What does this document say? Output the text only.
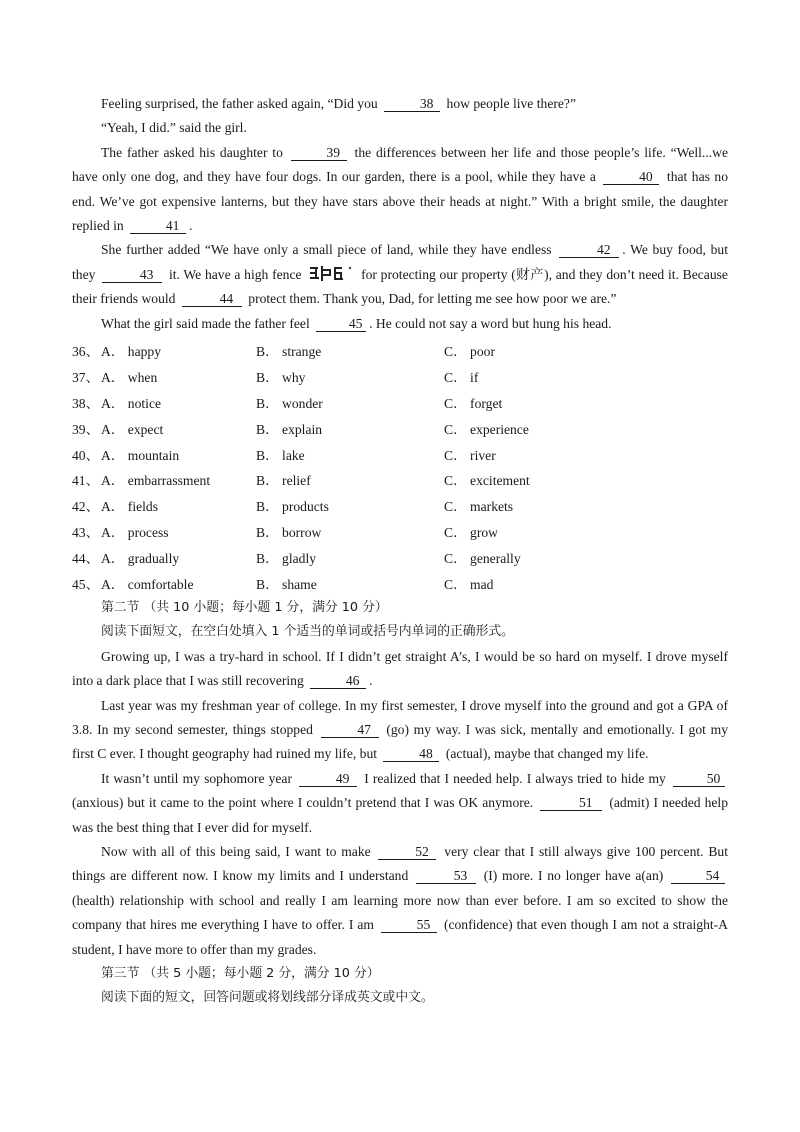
Feeling surprised, the father asked again, “Did you	38 how people live there?”

“Yeah, I did.” said the girl.

The father asked his daughter to	39 the differences between her life and those people’s life. “Well...we have only one dog, and they have four dogs. In our garden, there is a pool, while they have a	40 that has no end. We’ve got expensive lanterns, but they have stars above their heads at night.” With a bright smile, the daughter replied in	41 .

She further added “We have only a small piece of land, while they have endless	42 . We buy food, but they	43 it. We have a high fence	for protecting our property (财产), and they don’t need it. Because their friends would	44 protect them. Thank you, Dad, for letting me see how poor we are.”

What the girl said made the father feel	45 . He could not say a word but hung his head.

36、 A． happy	B． strange	C． poor
37、 A． when	B． why	C． if
38、 A． notice	B． wonder	C． forget
39、 A． expect	B． explain	C． experience
40、 A． mountain	B． lake	C． river
41、 A． embarrassment	B． relief	C． excitement
42、 A． fields	B． products	C． markets
43、 A． process	B． borrow	C． grow
44、 A． gradually	B． gladly	C． generally
45、 A． comfortable	B． shame	C． mad

第二节 （共 10 小题；每小题 1 分，满分 10 分）

阅读下面短文，在空白处填入 1 个适当的单词或括号内单词的正确形式。

Growing up, I was a try-hard in school. If I didn’t get straight A’s, I would be so hard on myself. I drove myself into a dark place that I was still recovering	46 .

Last year was my freshman year of college. In my first semester, I drove myself into the ground and got a GPA of 3.8. In my second semester, things stopped	47 (go) my way. I was sick, mentally and emotionally. I got my first C ever. I thought geography had ruined my life, but	48 (actual), maybe that changed my life.

It wasn’t until my sophomore year	49 I realized that I needed help. I always tried to hide my	50 (anxious) but it came to the point where I couldn’t pretend that I was OK anymore.	51 (admit) I needed help was the best thing that I ever did for myself.

Now with all of this being said, I want to make	52 very clear that I still always give 100 percent. But things are different now. I know my limits and I understand	53 (I) more. I no longer have a(an)	54 (health) relationship with school and really I am learning more now than ever before. I am so excited to show the company that hires me everything I have to offer. I am	55 (confidence) that even though I am not a straight-A student, I have more to offer than my grades.

第三节 （共 5 小题；每小题 2 分，满分 10 分）

阅读下面的短文，回答问题或将划线部分译成英文或中文。
